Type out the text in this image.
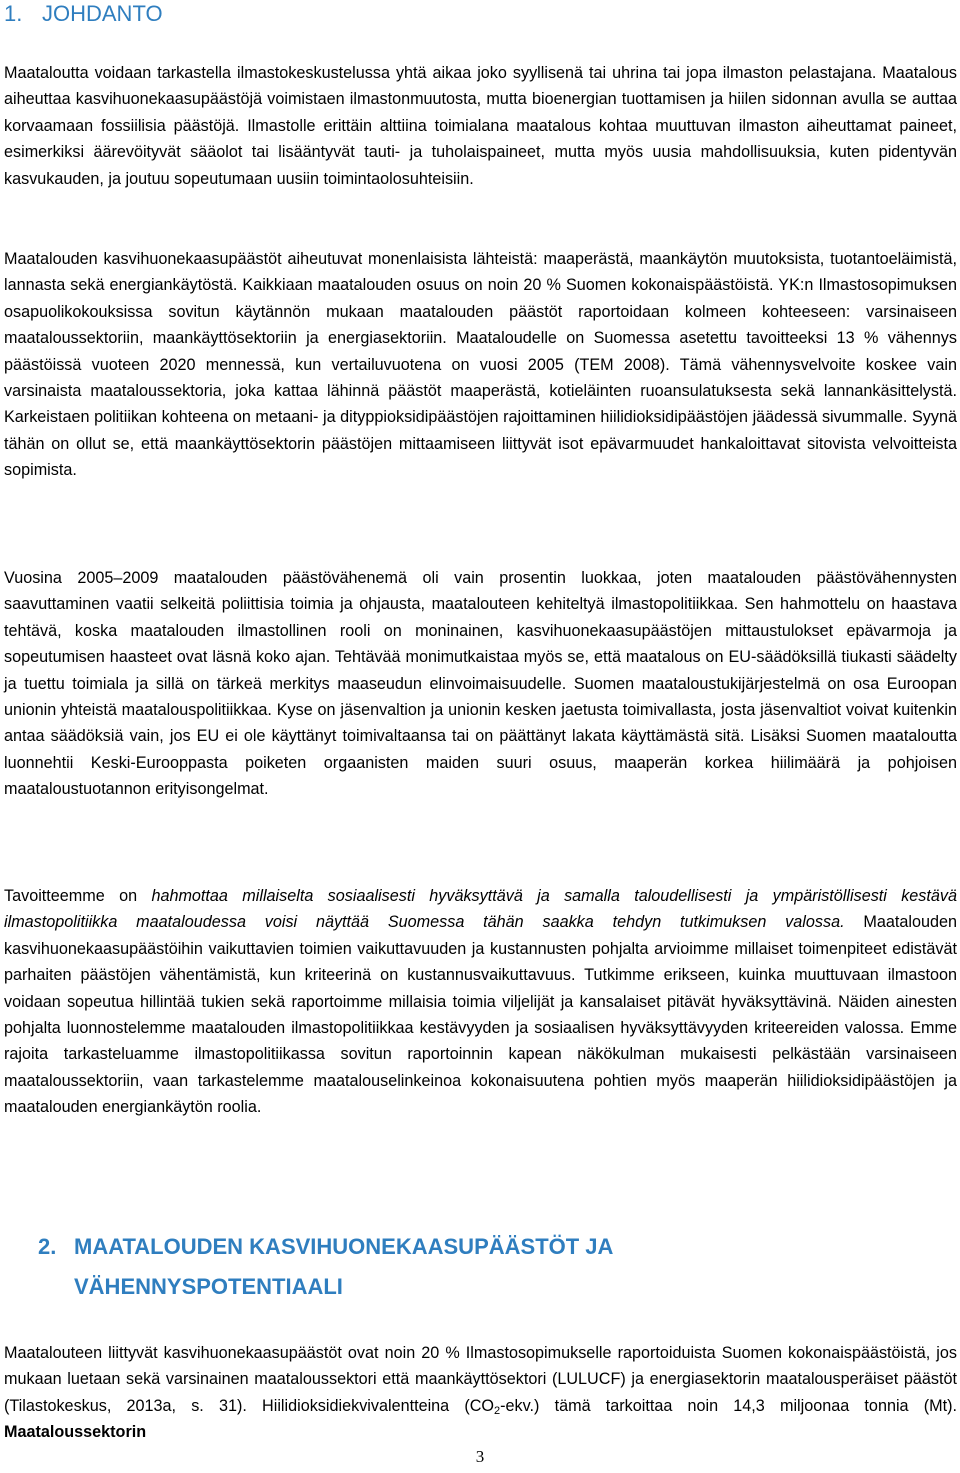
1. JOHDANTO

Maataloutta voidaan tarkastella ilmastokeskustelussa yhtä aikaa joko syyllisenä tai uhrina tai jopa ilmaston pelastajana. Maatalous aiheuttaa kasvihuonekaasupäästöjä voimistaen ilmastonmuutosta, mutta bioenergian tuottamisen ja hiilen sidonnan avulla se auttaa korvaamaan fossiilisia päästöjä. Ilmastolle erittäin alttiina toimialana maatalous kohtaa muuttuvan ilmaston aiheuttamat paineet, esimerkiksi äärevöityvät sääolot tai lisääntyvät tauti- ja tuholaispaineet, mutta myös uusia mahdollisuuksia, kuten pidentyvän kasvukauden, ja joutuu sopeutumaan uusiin toimintaolosuhteisiin.

Maatalouden kasvihuonekaasupäästöt aiheutuvat monenlaisista lähteistä: maaperästä, maankäytön muutoksista, tuotantoeläimistä, lannasta sekä energiankäytöstä. Kaikkiaan maatalouden osuus on noin 20 % Suomen kokonaispäästöistä. YK:n Ilmastosopimuksen osapuolikokouksissa sovitun käytännön mukaan maatalouden päästöt raportoidaan kolmeen kohteeseen: varsinaiseen maataloussektoriin, maankäyttösektoriin ja energiasektoriin. Maataloudelle on Suomessa asetettu tavoitteeksi 13 % vähennys päästöissä vuoteen 2020 mennessä, kun vertailuvuotena on vuosi 2005 (TEM 2008). Tämä vähennysvelvoite koskee vain varsinaista maataloussektoria, joka kattaa lähinnä päästöt maaperästä, kotieläinten ruoansulatuksesta sekä lannankäsittelystä. Karkeistaen politiikan kohteena on metaani- ja dityppioksidipäästöjen rajoittaminen hiilidioksidipäästöjen jäädessä sivummalle. Syynä tähän on ollut se, että maankäyttösektorin päästöjen mittaamiseen liittyvät isot epävarmuudet hankaloittavat sitovista velvoitteista sopimista.

Vuosina 2005–2009 maatalouden päästövähenemä oli vain prosentin luokkaa, joten maatalouden päästövähennysten saavuttaminen vaatii selkeitä poliittisia toimia ja ohjausta, maatalouteen kehiteltyä ilmastopolitiikkaa. Sen hahmottelu on haastava tehtävä, koska maatalouden ilmastollinen rooli on moninainen, kasvihuonekaasupäästöjen mittaustulokset epävarmoja ja sopeutumisen haasteet ovat läsnä koko ajan. Tehtävää monimutkaistaa myös se, että maatalous on EU-säädöksillä tiukasti säädelty ja tuettu toimiala ja sillä on tärkeä merkitys maaseudun elinvoimaisuudelle. Suomen maataloustukijärjestelmä on osa Euroopan unionin yhteistä maatalouspolitiikkaa. Kyse on jäsenvaltion ja unionin kesken jaetusta toimivallasta, josta jäsenvaltiot voivat kuitenkin antaa säädöksiä vain, jos EU ei ole käyttänyt toimivaltaansa tai on päättänyt lakata käyttämästä sitä. Lisäksi Suomen maataloutta luonnehtii Keski-Eurooppasta poiketen orgaanisten maiden suuri osuus, maaperän korkea hiilimäärä ja pohjoisen maataloustuotannon erityisongelmat.

Tavoitteemme on hahmottaa millaiselta sosiaalisesti hyväksyttävä ja samalla taloudellisesti ja ympäristöllisesti kestävä ilmastopolitiikka maataloudessa voisi näyttää Suomessa tähän saakka tehdyn tutkimuksen valossa. Maatalouden kasvihuonekaasupäästöihin vaikuttavien toimien vaikuttavuuden ja kustannusten pohjalta arvioimme millaiset toimenpiteet edistävät parhaiten päästöjen vähentämistä, kun kriteerinä on kustannusvaikuttavuus. Tutkimme erikseen, kuinka muuttuvaan ilmastoon voidaan sopeutua hillintää tukien sekä raportoimme millaisia toimia viljelijät ja kansalaiset pitävät hyväksyttävinä. Näiden ainesten pohjalta luonnostelemme maatalouden ilmastopolitiikkaa kestävyyden ja sosiaalisen hyväksyttävyyden kriteereiden valossa. Emme rajoita tarkasteluamme ilmastopolitiikassa sovitun raportoinnin kapean näkökulman mukaisesti pelkästään varsinaiseen maataloussektoriin, vaan tarkastelemme maatalouselinkeinoa kokonaisuutena pohtien myös maaperän hiilidioksidipäästöjen ja maatalouden energiankäytön roolia.

2. MAATALOUDEN KASVIHUONEKAASUPÄÄSTÖT JA
VÄHENNYSPOTENTIAALI

Maatalouteen liittyvät kasvihuonekaasupäästöt ovat noin 20 % Ilmastosopimukselle raportoiduista Suomen kokonaispäästöistä, jos mukaan luetaan sekä varsinainen maataloussektori että maankäyttösektori (LULUCF) ja energiasektorin maatalousperäiset päästöt (Tilastokeskus, 2013a, s. 31). Hiilidioksidiekvivalentteina $(CO_2-ekv.)$ tämä tarkoittaa noin 14,3 miljoonaa tonnia (Mt). Maataloussektorin

3
